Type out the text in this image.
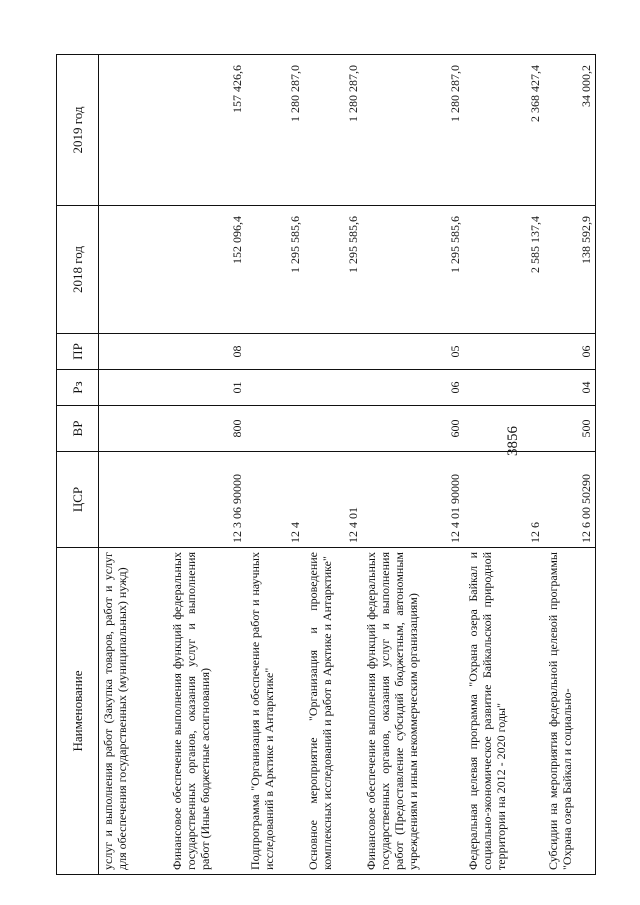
3856
Наименование	ЦСР	ВР	Рз	ПР	2018 год	2019 год
услуг и выполнения работ (Закупка товаров, работ и услуг для обеспечения государственных (муниципальных) нужд)						
Финансовое обеспечение выполнения функций федеральных государственных органов, оказания услуг и выполнения работ (Иные бюджетные ассигнования)	12 3 06 90000	800	01	08	152 096,4	157 426,6
Подпрограмма "Организация и обеспечение работ и научных исследований в Арктике и Антарктике"	12 4				1 295 585,6	1 280 287,0
Основное мероприятие "Организация и проведение комплексных исследований и работ в Арктике и Антарктике"	12 4 01				1 295 585,6	1 280 287,0
Финансовое обеспечение выполнения функций федеральных государственных органов, оказания услуг и выполнения работ (Предоставление субсидий бюджетным, автономным учреждениям и иным некоммерческим организациям)	12 4 01 90000	600	06	05	1 295 585,6	1 280 287,0
Федеральная целевая программа "Охрана озера Байкал и социально-экономическое развитие Байкальской природной территории на 2012 - 2020 годы"	12 6				2 585 137,4	2 368 427,4
Субсидии на мероприятия федеральной целевой программы "Охрана озера Байкал и социально-	12 6 00 50290	500	04	06	138 592,9	34 000,2
